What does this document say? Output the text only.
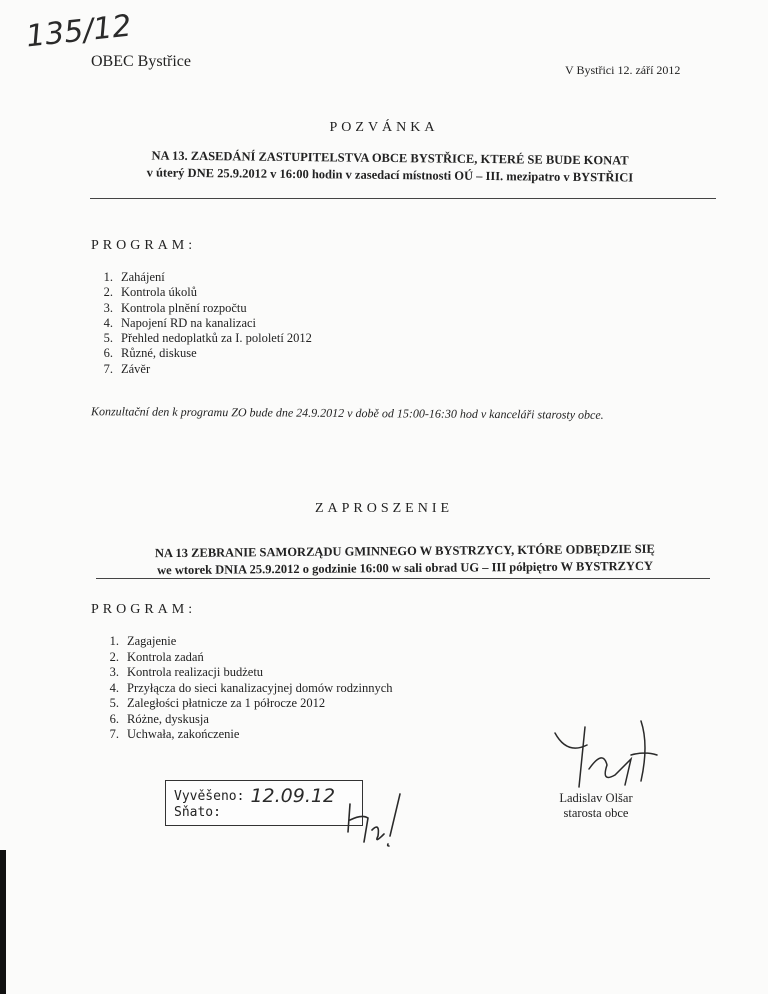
135/12
OBEC Bystřice	V Bystřici 12. září 2012
POZVÁNKA
NA 13. ZASEDÁNÍ ZASTUPITELSTVA OBCE BYSTŘICE, KTERÉ SE BUDE KONAT
v úterý DNE 25.9.2012 v 16:00 hodin v zasedací místnosti OÚ – III. mezipatro v BYSTŘICI
PROGRAM:
1. Zahájení
2. Kontrola úkolů
3. Kontrola plnění rozpočtu
4. Napojení RD na kanalizaci
5. Přehled nedoplatků za I. pololetí 2012
6. Různé, diskuse
7. Závěr
Konzultační den k programu ZO bude dne 24.9.2012 v době od 15:00-16:30 hod v kanceláři starosty obce.
ZAPROSZENIE
NA 13 ZEBRANIE SAMORZĄDU GMINNEGO W BYSTRZYCY, KTÓRE ODBĘDZIE SIĘ
we wtorek DNIA 25.9.2012 o godzinie 16:00 w sali obrad UG – III półpiętro W BYSTRZYCY
PROGRAM:
1. Zagajenie
2. Kontrola zadań
3. Kontrola realizacji budżetu
4. Przyłącza do sieci kanalizacyjnej domów rodzinnych
5. Zaległości płatnicze za 1 półrocze 2012
6. Różne, dyskusja
7. Uchwała, zakończenie
Vyvěšeno: 12.09.12
Sňato:
Ladislav Olšar
starosta obce
